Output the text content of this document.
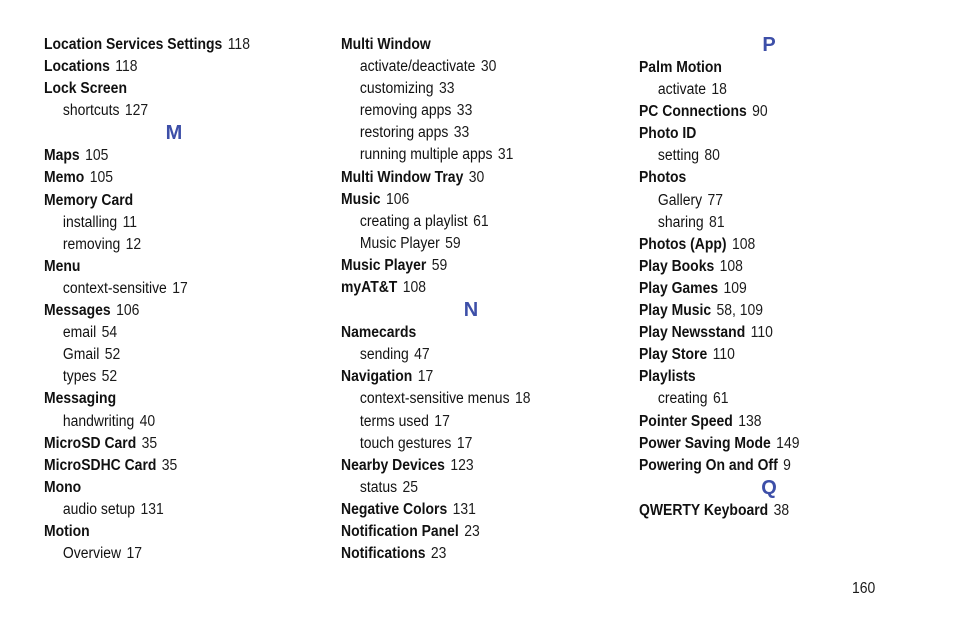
Location Services Settings 118
Locations 118
Lock Screen
shortcuts 127
M
Maps 105
Memo 105
Memory Card
installing 11
removing 12
Menu
context-sensitive 17
Messages 106
email 54
Gmail 52
types 52
Messaging
handwriting 40
MicroSD Card 35
MicroSDHC Card 35
Mono
audio setup 131
Motion
Overview 17
Multi Window
activate/deactivate 30
customizing 33
removing apps 33
restoring apps 33
running multiple apps 31
Multi Window Tray 30
Music 106
creating a playlist 61
Music Player 59
Music Player 59
myAT&T 108
N
Namecards
sending 47
Navigation 17
context-sensitive menus 18
terms used 17
touch gestures 17
Nearby Devices 123
status 25
Negative Colors 131
Notification Panel 23
Notifications 23
P
Palm Motion
activate 18
PC Connections 90
Photo ID
setting 80
Photos
Gallery 77
sharing 81
Photos (App) 108
Play Books 108
Play Games 109
Play Music 58, 109
Play Newsstand 110
Play Store 110
Playlists
creating 61
Pointer Speed 138
Power Saving Mode 149
Powering On and Off 9
Q
QWERTY Keyboard 38
160
